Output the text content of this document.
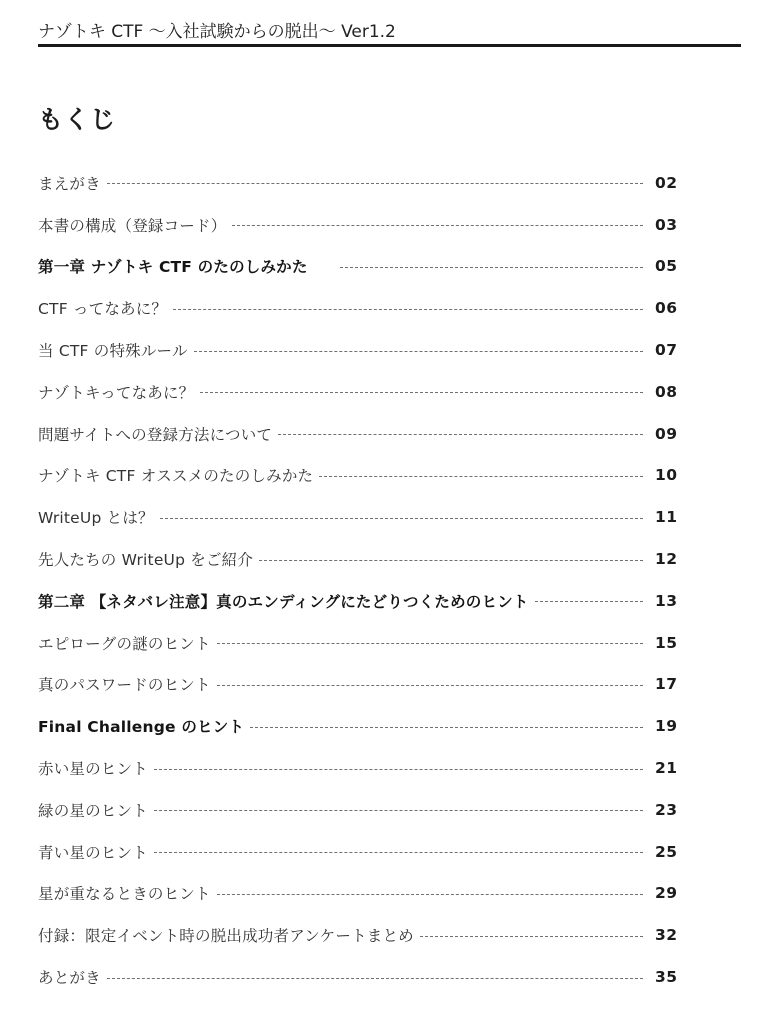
ナゾトキ CTF 〜入社試験からの脱出〜 Ver1.2
もくじ
まえがき	02
本書の構成（登録コード）	03
第一章 ナゾトキ CTF のたのしみかた	05
CTF ってなあに？	06
当 CTF の特殊ルール	07
ナゾトキってなあに？	08
問題サイトへの登録方法について	09
ナゾトキ CTF オススメのたのしみかた	10
WriteUp とは？	11
先人たちの WriteUp をご紹介	12
第二章 【ネタバレ注意】真のエンディングにたどりつくためのヒント	13
エピローグの謎のヒント	15
真のパスワードのヒント	17
Final Challenge のヒント	19
赤い星のヒント	21
緑の星のヒント	23
青い星のヒント	25
星が重なるときのヒント	29
付録：限定イベント時の脱出成功者アンケートまとめ	32
あとがき	35
